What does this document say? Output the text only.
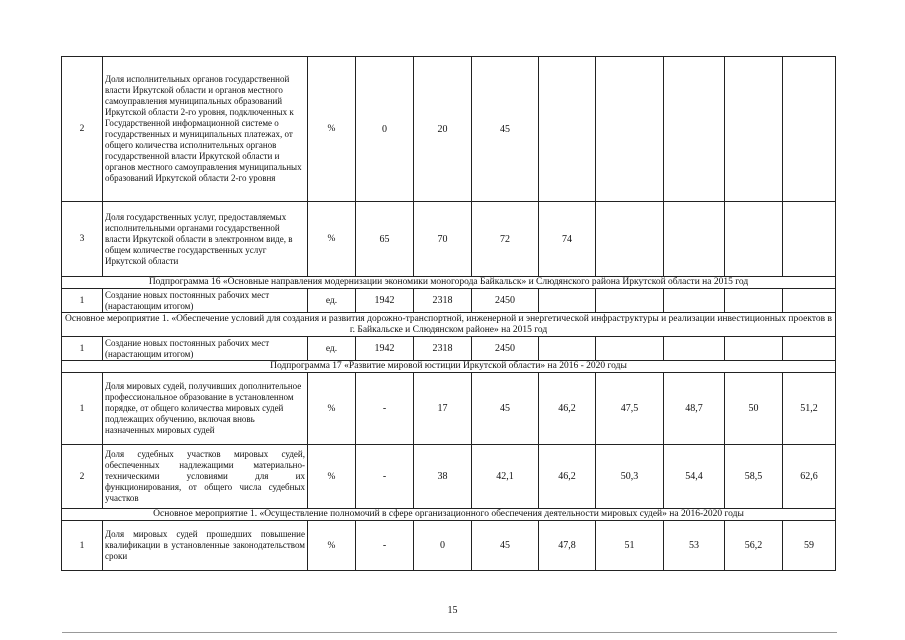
2	Доля исполнительных органов государственной власти Иркутской области и органов местного самоуправления муниципальных образований Иркутской области 2-го уровня, подключенных к Государственной информационной системе о государственных и муниципальных платежах, от общего количества исполнительных органов государственной власти Иркутской области и органов местного самоуправления муниципальных образований Иркутской области 2-го уровня	%	0	20	45					
3	Доля государственных услуг, предоставляемых исполнительными органами государственной власти Иркутской области в электронном виде, в общем количестве государственных услуг Иркутской области	%	65	70	72	74				
Подпрограмма 16 «Основные направления модернизации экономики моногорода Байкальск» и Слюдянского района Иркутской области на 2015 год										
1	Создание новых постоянных рабочих мест (нарастающим итогом)	ед.	1942	2318	2450					
Основное мероприятие 1. «Обеспечение условий для создания и развития дорожно-транспортной, инженерной и энергетической инфраструктуры и реализации инвестиционных проектов в г. Байкальске и Слюдянском районе» на 2015 год										
1	Создание новых постоянных рабочих мест (нарастающим итогом)	ед.	1942	2318	2450					
Подпрограмма 17 «Развитие мировой юстиции Иркутской области» на 2016 - 2020 годы										
1	Доля мировых судей, получивших дополнительное профессиональное образование в установленном порядке, от общего количества мировых судей подлежащих обучению, включая вновь назначенных мировых судей	%	-	17	45	46,2	47,5	48,7	50	51,2
2	Доля судебных участков мировых судей, обеспеченных надлежащими материально-техническими условиями для их функционирования, от общего числа судебных участков	%	-	38	42,1	46,2	50,3	54,4	58,5	62,6
Основное мероприятие 1. «Осуществление полномочий в сфере организационного обеспечения деятельности мировых судей» на 2016-2020 годы										
1	Доля мировых судей прошедших повышение квалификации в установленные законодательством сроки	%	-	0	45	47,8	51	53	56,2	59
15
